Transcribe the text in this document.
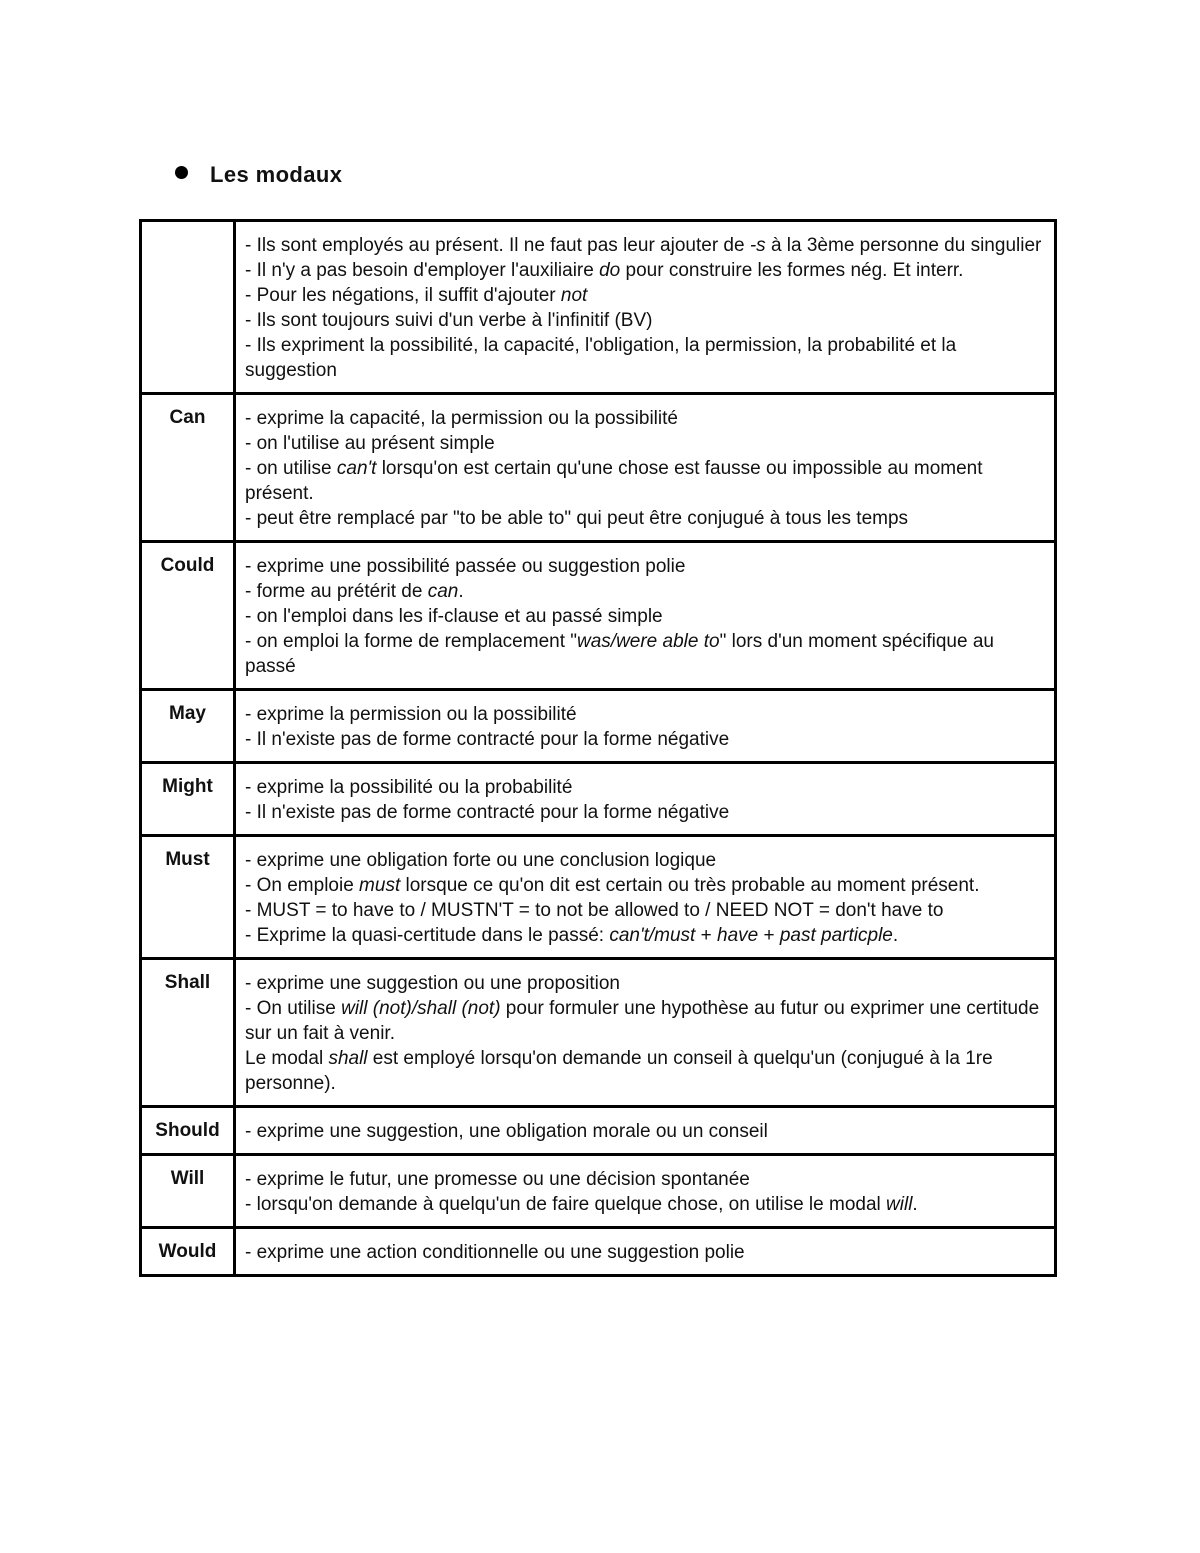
Les modaux

	- Ils sont employés au présent. Il ne faut pas leur ajouter de -s à la 3ème personne du singulier
- Il n'y a pas besoin d'employer l'auxiliaire do pour construire les formes nég. Et interr.
- Pour les négations, il suffit d'ajouter not
- Ils sont toujours suivi d'un verbe à l'infinitif (BV)
- Ils expriment la possibilité, la capacité, l'obligation, la permission, la probabilité et la suggestion

Can	- exprime la capacité, la permission ou la possibilité
- on l'utilise au présent simple
- on utilise can't lorsqu'on est certain qu'une chose est fausse ou impossible au moment présent.
- peut être remplacé par "to be able to" qui peut être conjugué à tous les temps

Could	- exprime une possibilité passée ou suggestion polie
- forme au prétérit de can.
- on l'emploi dans les if-clause et au passé simple
- on emploi la forme de remplacement "was/were able to" lors d'un moment spécifique au passé

May	- exprime la permission ou la possibilité
- Il n'existe pas de forme contracté pour la forme négative

Might	- exprime la possibilité ou la probabilité
- Il n'existe pas de forme contracté pour la forme négative

Must	- exprime une obligation forte ou une conclusion logique
- On emploie must lorsque ce qu'on dit est certain ou très probable au moment présent.
- MUST = to have to / MUSTN'T = to not be allowed to / NEED NOT = don't have to
- Exprime la quasi-certitude dans le passé: can't/must + have + past particple.

Shall	- exprime une suggestion ou une proposition
- On utilise will (not)/shall (not) pour formuler une hypothèse au futur ou exprimer une certitude sur un fait à venir.
Le modal shall est employé lorsqu'on demande un conseil à quelqu'un (conjugué à la 1re personne).

Should	- exprime une suggestion, une obligation morale ou un conseil

Will	- exprime le futur, une promesse ou une décision spontanée
- lorsqu'on demande à quelqu'un de faire quelque chose, on utilise le modal will.

Would	- exprime une action conditionnelle ou une suggestion polie
